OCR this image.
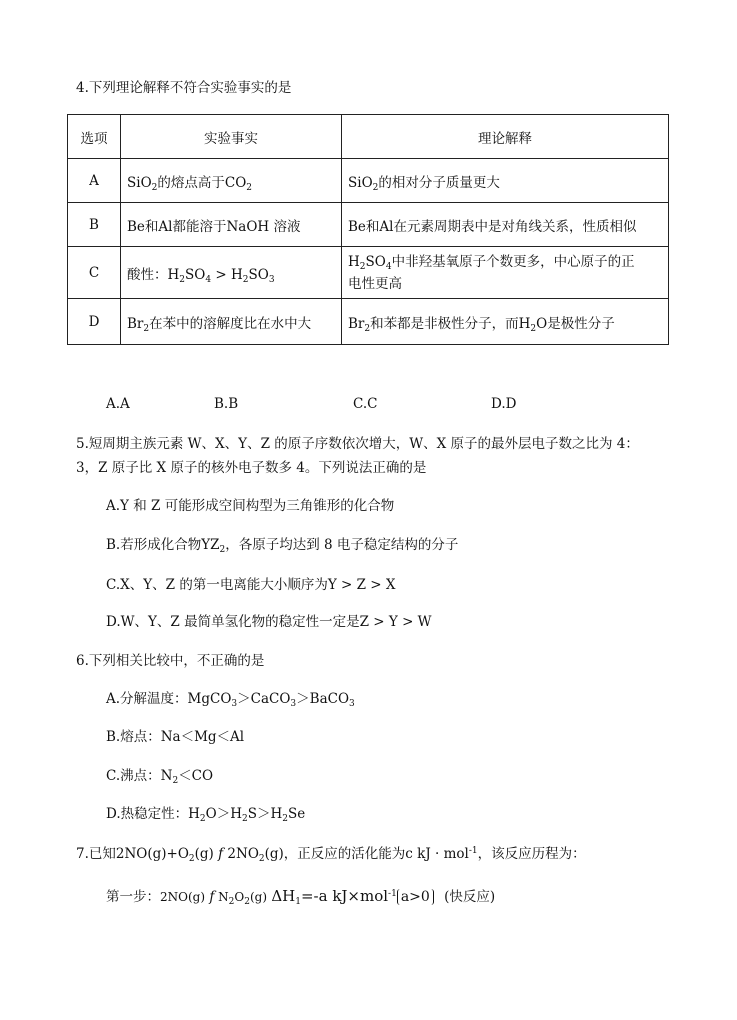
4.下列理论解释不符合实验事实的是
选项	实验事实	理论解释
A	SiO$_2$的熔点高于$CO_2$	SiO$_2$的相对分子质量更大
B	Be和Al都能溶于NaOH 溶液	Be和Al在元素周期表中是对角线关系，性质相似
C	酸性：$H_2SO_4 > H_2SO_3$	$H_2SO_4$中非羟基氧原子个数更多，中心原子的正
电性更高
D	$Br_2$在苯中的溶解度比在水中大	$Br_2$和苯都是非极性分子，而$H_2O$是极性分子
A.A	B.B	C.C	D.D
5.短周期主族元素 W、X、Y、Z 的原子序数依次增大，W、X 原子的最外层电子数之比为 4：
3，Z 原子比 X 原子的核外电子数多 4。下列说法正确的是
A.Y 和 Z 可能形成空间构型为三角锥形的化合物
B.若形成化合物$YZ_2$，各原子均达到 8 电子稳定结构的分子
C.X、Y、Z 的第一电离能大小顺序为Y > Z > X
D.W、Y、Z 最简单氢化物的稳定性一定是Z > Y > W
6.下列相关比较中，不正确的是
A.分解温度：MgCO$_3$＞CaCO$_3$＞BaCO$_3$
B.熔点：Na＜Mg＜Al
C.沸点：$N_2<CO$
D.热稳定性：$H_2O>H_2S>H_2Se$
7.已知$2NO(g)+O_2(g)$ f $2NO_2(g)$，正反应的活化能为c kJ · mol$^{-1}$，该反应历程为：
第一步：2NO(g) f $N_2O_2(g)$ $\Delta H_1=-a$ kJ×mol$^{-1}$ a>0 (快反应)
